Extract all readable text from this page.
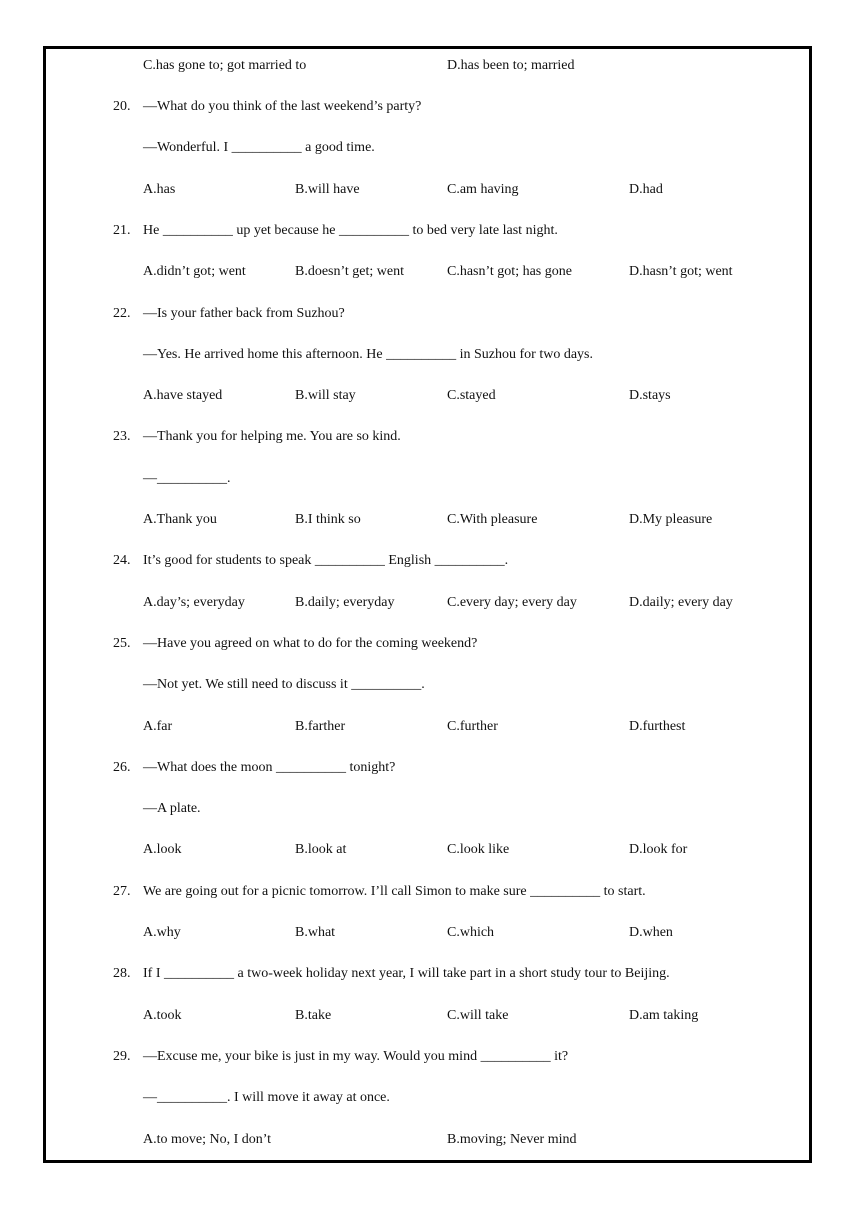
C.has gone to; got married to	D.has been to; married
20. —What do you think of the last weekend’s party?
—Wonderful. I __________ a good time.
A.has	B.will have	C.am having	D.had
21. He __________ up yet because he __________ to bed very late last night.
A.didn’t got; went	B.doesn’t get; went	C.hasn’t got; has gone	D.hasn’t got; went
22. —Is your father back from Suzhou?
—Yes. He arrived home this afternoon. He __________ in Suzhou for two days.
A.have stayed	B.will stay	C.stayed	D.stays
23. —Thank you for helping me. You are so kind.
—__________.
A.Thank you	B.I think so	C.With pleasure	D.My pleasure
24. It’s good for students to speak __________ English __________.
A.day’s; everyday	B.daily; everyday	C.every day; every day	D.daily; every day
25. —Have you agreed on what to do for the coming weekend?
—Not yet. We still need to discuss it __________.
A.far	B.farther	C.further	D.furthest
26. —What does the moon __________ tonight?
—A plate.
A.look	B.look at	C.look like	D.look for
27. We are going out for a picnic tomorrow. I’ll call Simon to make sure __________ to start.
A.why	B.what	C.which	D.when
28. If I __________ a two-week holiday next year, I will take part in a short study tour to Beijing.
A.took	B.take	C.will take	D.am taking
29. —Excuse me, your bike is just in my way. Would you mind __________ it?
—__________. I will move it away at once.
A.to move; No, I don’t	B.moving; Never mind
